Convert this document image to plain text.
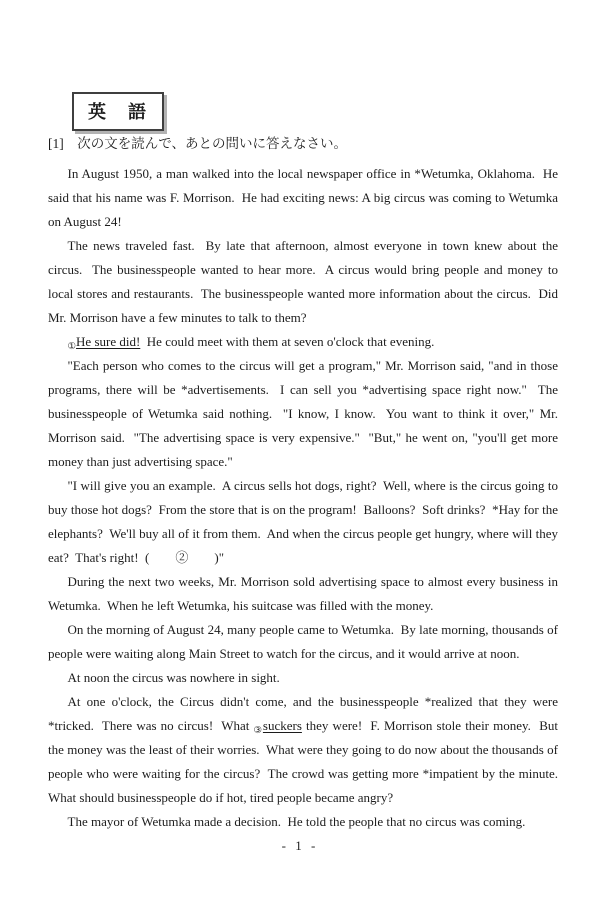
英　語
[1]　次の文を読んで、あとの問いに答えなさい。

In August 1950, a man walked into the local newspaper office in *Wetumka, Oklahoma.  He said that his name was F. Morrison.  He had exciting news: A big circus was coming to Wetumka on August 24!

The news traveled fast.  By late that afternoon, almost everyone in town knew about the circus.  The businesspeople wanted to hear more.  A circus would bring people and money to local stores and restaurants.  The businesspeople wanted more information about the circus.  Did Mr. Morrison have a few minutes to talk to them?

$_①$He sure did!  He could meet with them at seven o'clock that evening.

"Each person who comes to the circus will get a program," Mr. Morrison said, "and in those programs, there will be *advertisements.  I can sell you *advertising space right now."  The businesspeople of Wetumka said nothing.  "I know, I know.  You want to think it over," Mr. Morrison said.  "The advertising space is very expensive."  "But," he went on, "you'll get more money than just advertising space."

"I will give you an example.  A circus sells hot dogs, right?  Well, where is the circus going to buy those hot dogs?  From the store that is on the program!  Balloons?  Soft drinks?  *Hay for the elephants?  We'll buy all of it from them.  And when the circus people get hungry, where will they eat?  That's right!  (　　②　　)"

During the next two weeks, Mr. Morrison sold advertising space to almost every business in Wetumka.  When he left Wetumka, his suitcase was filled with the money.

On the morning of August 24, many people came to Wetumka.  By late morning, thousands of people were waiting along Main Street to watch for the circus, and it would arrive at noon.

At noon the circus was nowhere in sight.

At one o'clock, the Circus didn't come, and the businesspeople *realized that they were *tricked.  There was no circus!  What $_③$suckers they were!  F. Morrison stole their money.  But the money was the least of their worries.  What were they going to do now about the thousands of people who were waiting for the circus?  The crowd was getting more *impatient by the minute.  What should businesspeople do if hot, tired people became angry?

The mayor of Wetumka made a decision.  He told the people that no circus was coming.

- 1 -
